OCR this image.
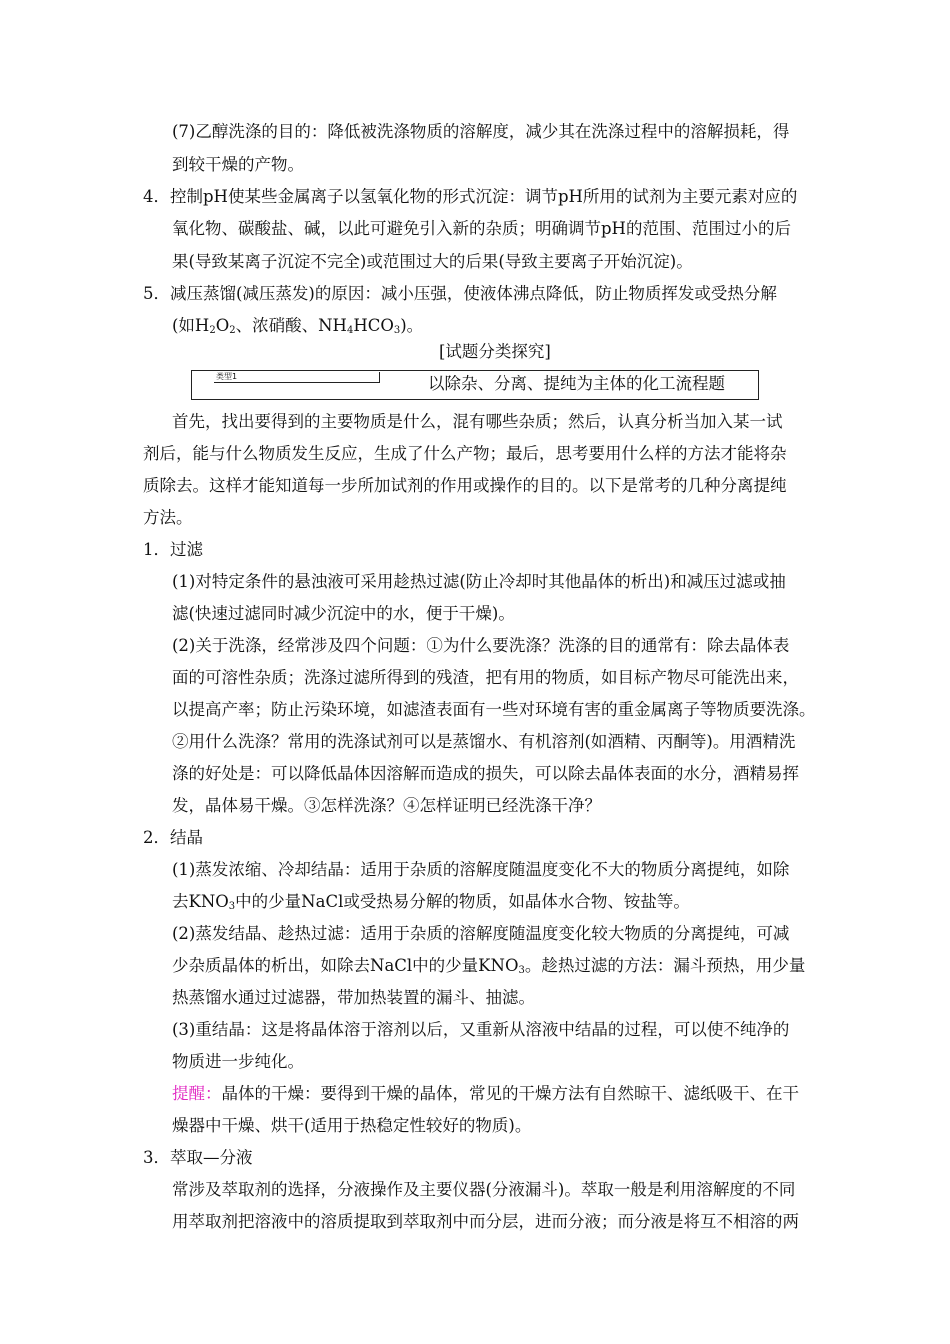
(7)乙醇洗涤的目的：降低被洗涤物质的溶解度，减少其在洗涤过程中的溶解损耗，得
到较干燥的产物。
4．控制pH使某些金属离子以氢氧化物的形式沉淀：调节pH所用的试剂为主要元素对应的
氧化物、碳酸盐、碱，以此可避免引入新的杂质；明确调节pH的范围、范围过小的后
果(导致某离子沉淀不完全)或范围过大的后果(导致主要离子开始沉淀)。
5．减压蒸馏(减压蒸发)的原因：减小压强，使液体沸点降低，防止物质挥发或受热分解
首先，找出要得到的主要物质是什么，混有哪些杂质；然后，认真分析当加入某一试
剂后，能与什么物质发生反应，生成了什么产物；最后，思考要用什么样的方法才能将杂
质除去。这样才能知道每一步所加试剂的作用或操作的目的。以下是常考的几种分离提纯
方法。
1．过滤
(1)对特定条件的悬浊液可采用趁热过滤(防止冷却时其他晶体的析出)和减压过滤或抽
滤(快速过滤同时减少沉淀中的水，便于干燥)。
(2)关于洗涤，经常涉及四个问题：①为什么要洗涤？洗涤的目的通常有：除去晶体表
面的可溶性杂质；洗涤过滤所得到的残渣，把有用的物质，如目标产物尽可能洗出来，
以提高产率；防止污染环境，如滤渣表面有一些对环境有害的重金属离子等物质要洗涤。
②用什么洗涤？常用的洗涤试剂可以是蒸馏水、有机溶剂(如酒精、丙酮等)。用酒精洗
涤的好处是：可以降低晶体因溶解而造成的损失，可以除去晶体表面的水分，酒精易挥
发，晶体易干燥。③怎样洗涤？④怎样证明已经洗涤干净？
2．结晶
(1)蒸发浓缩、冷却结晶：适用于杂质的溶解度随温度变化不大的物质分离提纯，如除
(2)蒸发结晶、趁热过滤：适用于杂质的溶解度随温度变化较大物质的分离提纯，可减
热蒸馏水通过过滤器，带加热装置的漏斗、抽滤。
(3)重结晶：这是将晶体溶于溶剂以后，又重新从溶液中结晶的过程，可以使不纯净的
物质进一步纯化。
燥器中干燥、烘干(适用于热稳定性较好的物质)。
3．萃取—分液
常涉及萃取剂的选择，分液操作及主要仪器(分液漏斗)。萃取一般是利用溶解度的不同
用萃取剂把溶液中的溶质提取到萃取剂中而分层，进而分液；而分液是将互不相溶的两
(如$H_2O_2$、浓硝酸、$NH_4HCO_3$)。
[试题分类探究]
类型1	以除杂、分离、提纯为主体的化工流程题
去$KNO_3$中的少量NaCl或受热易分解的物质，如晶体水合物、铵盐等。
少杂质晶体的析出，如除去NaCl中的少量$KNO_3$。趁热过滤的方法：漏斗预热，用少量
提醒：晶体的干燥：要得到干燥的晶体，常见的干燥方法有自然晾干、滤纸吸干、在干
